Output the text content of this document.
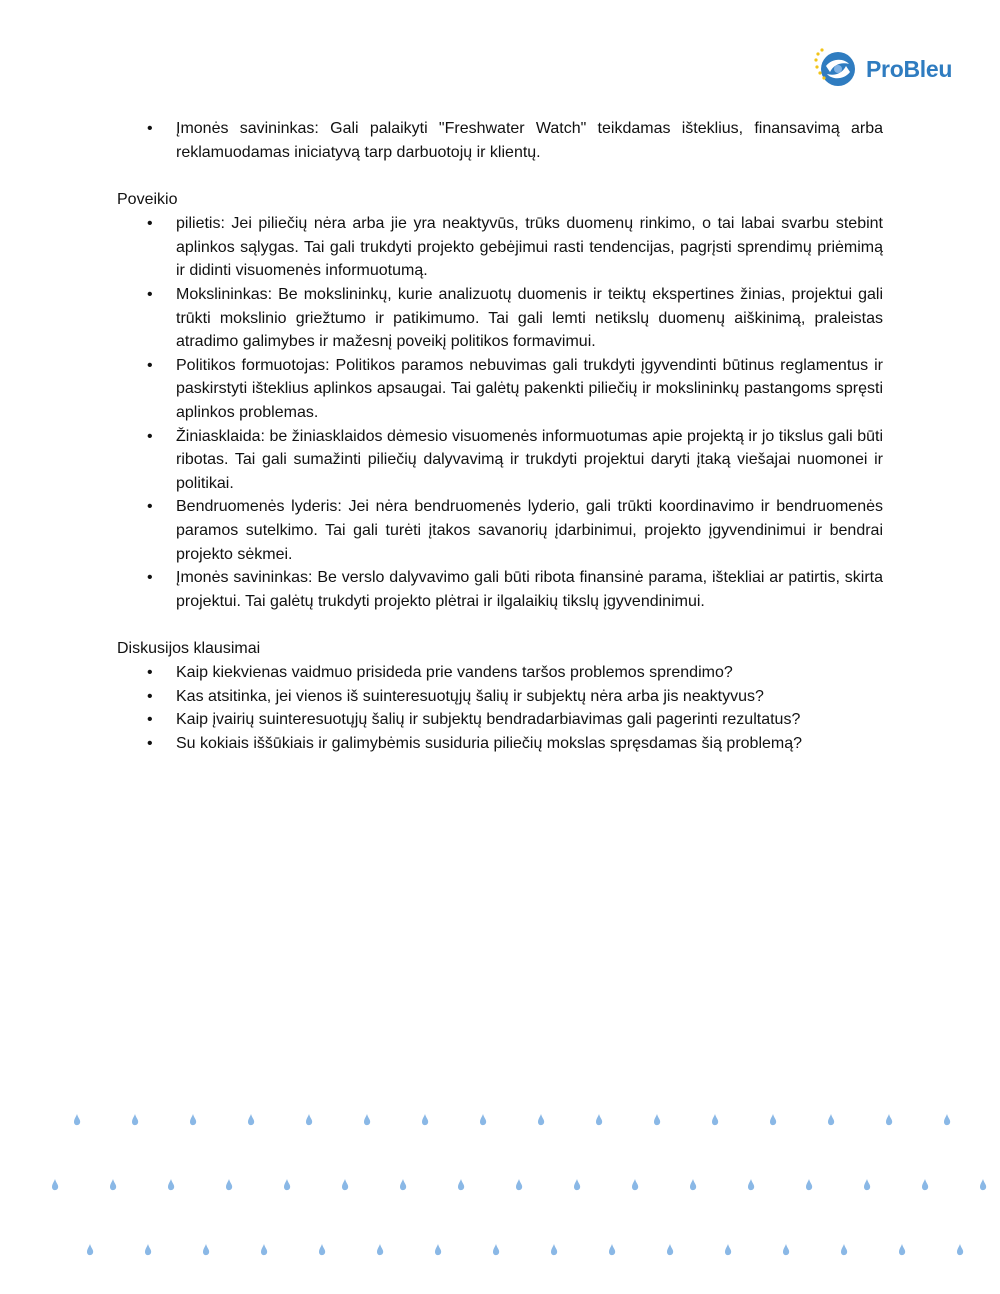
ProBleu
• Įmonės savininkas: Gali palaikyti "Freshwater Watch" teikdamas išteklius, finansavimą arba reklamuodamas iniciatyvą tarp darbuotojų ir klientų.

Poveikio

• pilietis: Jei piliečių nėra arba jie yra neaktyvūs, trūks duomenų rinkimo, o tai labai svarbu stebint aplinkos sąlygas. Tai gali trukdyti projekto gebėjimui rasti tendencijas, pagrįsti sprendimų priėmimą ir didinti visuomenės informuotumą.
• Mokslininkas: Be mokslininkų, kurie analizuotų duomenis ir teiktų ekspertines žinias, projektui gali trūkti mokslinio griežtumo ir patikimumo. Tai gali lemti netikslų duomenų aiškinimą, praleistas atradimo galimybes ir mažesnį poveikį politikos formavimui.
• Politikos formuotojas: Politikos paramos nebuvimas gali trukdyti įgyvendinti būtinus reglamentus ir paskirstyti išteklius aplinkos apsaugai. Tai galėtų pakenkti piliečių ir mokslininkų pastangoms spręsti aplinkos problemas.
• Žiniasklaida: be žiniasklaidos dėmesio visuomenės informuotumas apie projektą ir jo tikslus gali būti ribotas. Tai gali sumažinti piliečių dalyvavimą ir trukdyti projektui daryti įtaką viešajai nuomonei ir politikai.
• Bendruomenės lyderis: Jei nėra bendruomenės lyderio, gali trūkti koordinavimo ir bendruomenės paramos sutelkimo. Tai gali turėti įtakos savanorių įdarbinimui, projekto įgyvendinimui ir bendrai projekto sėkmei.
• Įmonės savininkas: Be verslo dalyvavimo gali būti ribota finansinė parama, ištekliai ar patirtis, skirta projektui. Tai galėtų trukdyti projekto plėtrai ir ilgalaikių tikslų įgyvendinimui.

Diskusijos klausimai

• Kaip kiekvienas vaidmuo prisideda prie vandens taršos problemos sprendimo?
• Kas atsitinka, jei vienos iš suinteresuotųjų šalių ir subjektų nėra arba jis neaktyvus?
• Kaip įvairių suinteresuotųjų šalių ir subjektų bendradarbiavimas gali pagerinti rezultatus?
• Su kokiais iššūkiais ir galimybėmis susiduria piliečių mokslas spręsdamas šią problemą?
